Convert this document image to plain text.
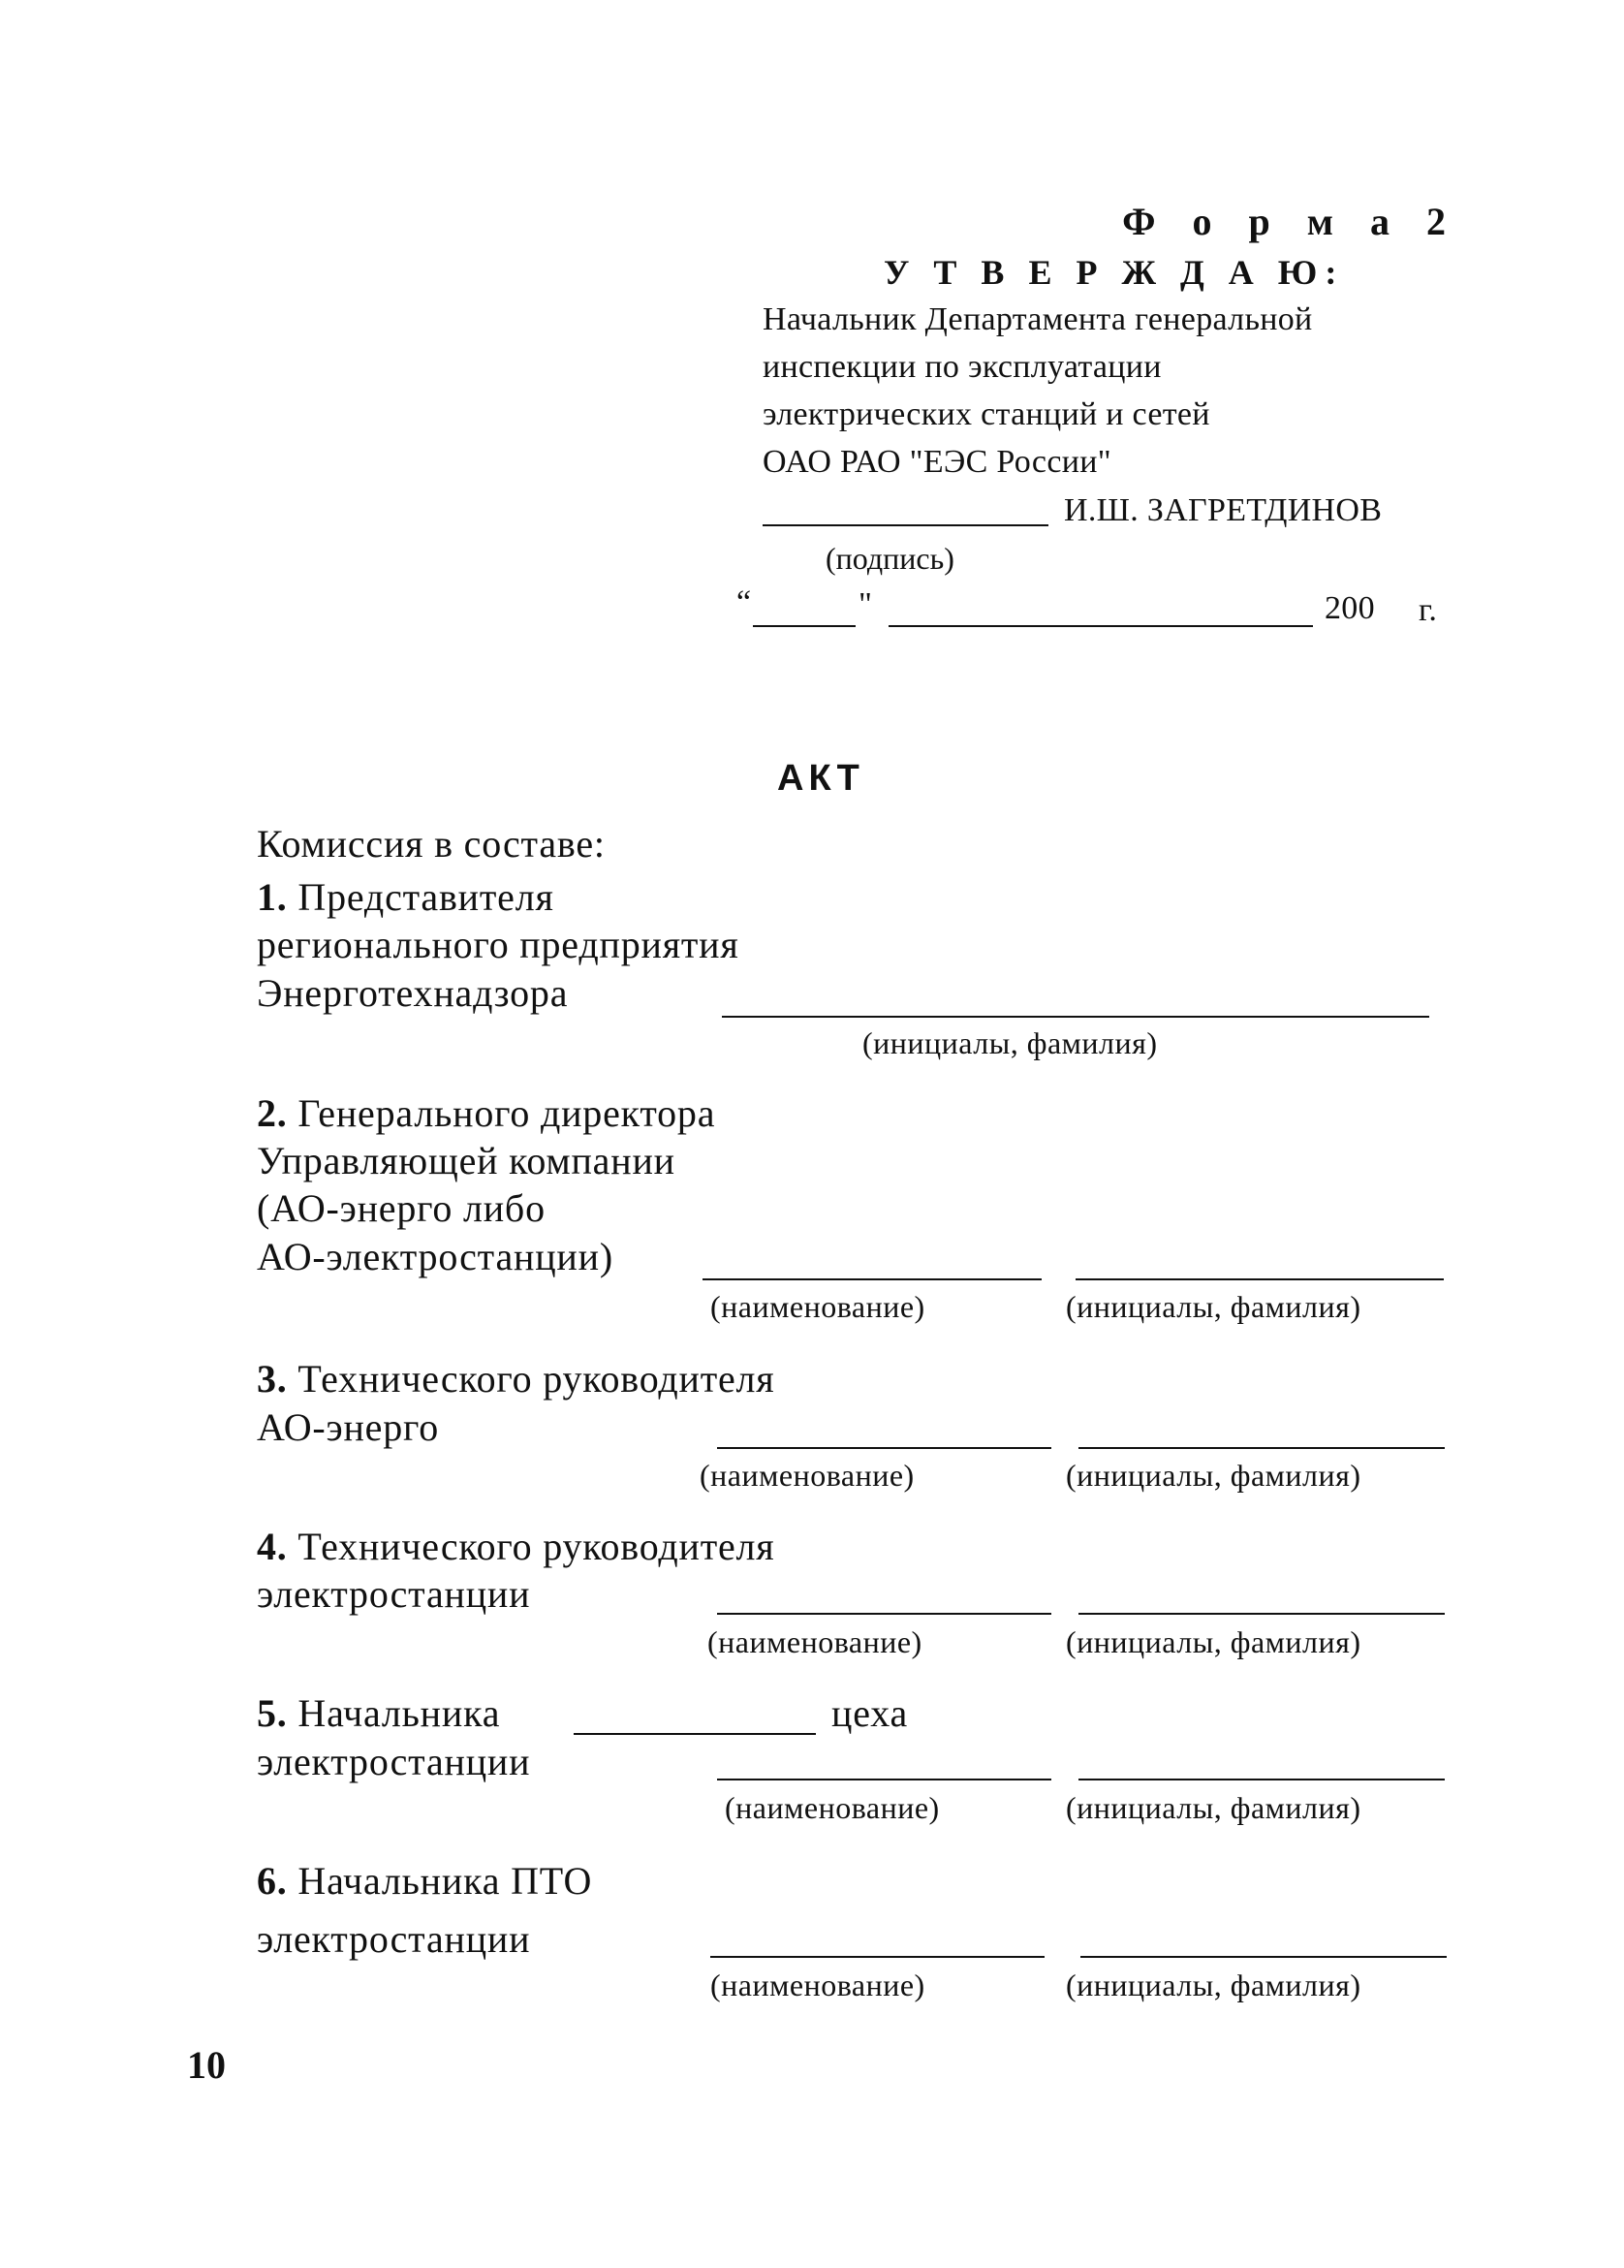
Ф о р м а 2
У Т В Е Р Ж Д А Ю:
Начальник Департамента генеральной
инспекции по эксплуатации
электрических станций и сетей
ОАО РАО "ЕЭС России"
И.Ш. ЗАГРЕТДИНОВ
(подпись)
“	"	200 г.
АКТ
Комиссия в составе:
1. Представителя
регионального предприятия
Энерготехнадзора
(инициалы, фамилия)
2. Генерального директора
Управляющей компании
(АО-энерго либо
АО-электростанции)
(наименование)	(инициалы, фамилия)
3. Технического руководителя
АО-энерго
(наименование)	(инициалы, фамилия)
4. Технического руководителя
электростанции
(наименование)	(инициалы, фамилия)
5. Начальника	цеха
электростанции
(наименование)	(инициалы, фамилия)
6. Начальника ПТО
электростанции
(наименование)	(инициалы, фамилия)
10
